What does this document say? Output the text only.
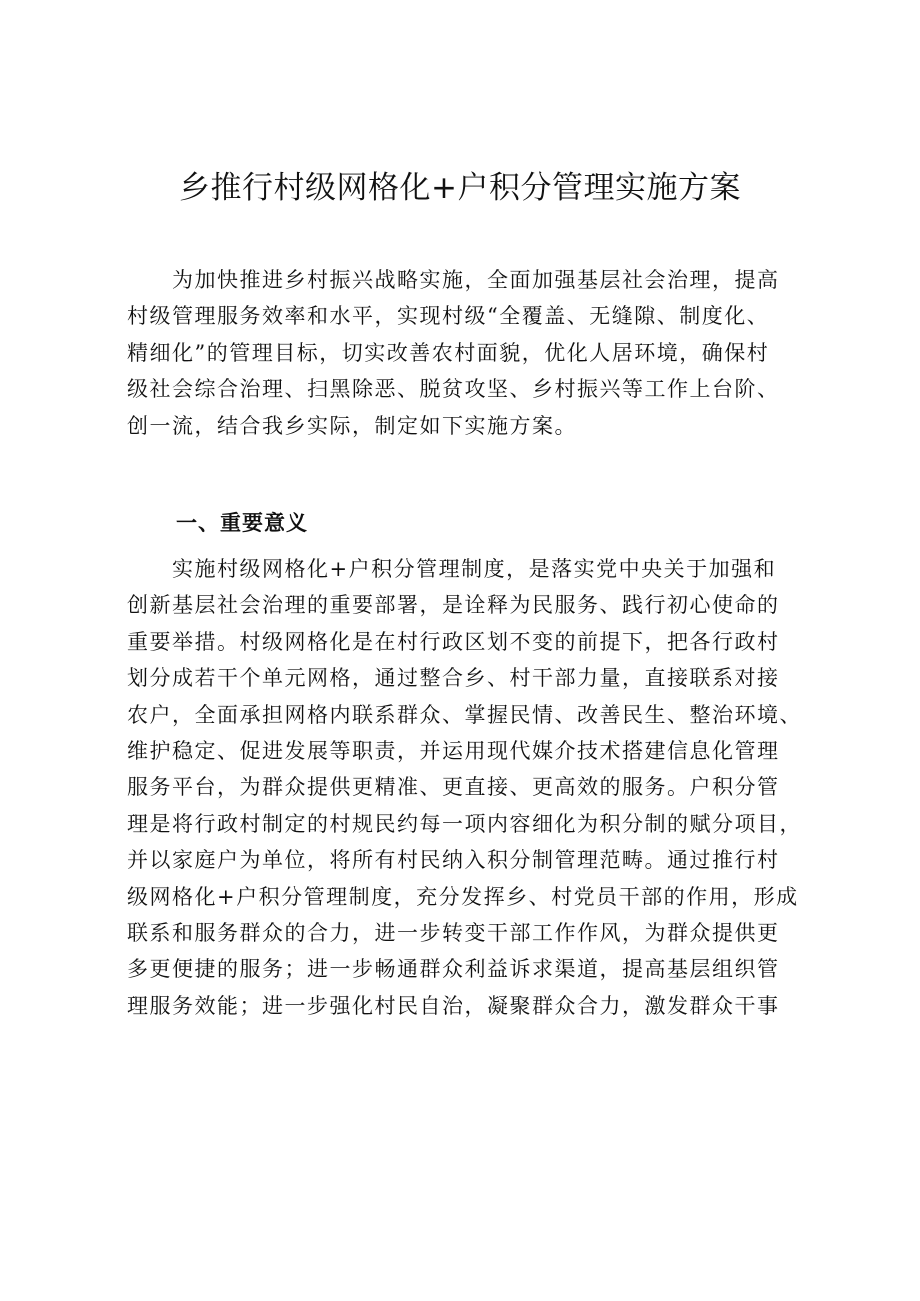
乡推行村级网格化+户积分管理实施方案
　　为加快推进乡村振兴战略实施，全面加强基层社会治理，提高
村级管理服务效率和水平，实现村级“全覆盖、无缝隙、制度化、
精细化”的管理目标，切实改善农村面貌，优化人居环境，确保村
级社会综合治理、扫黑除恶、脱贫攻坚、乡村振兴等工作上台阶、
创一流，结合我乡实际，制定如下实施方案。
一、重要意义
　　实施村级网格化+户积分管理制度，是落实党中央关于加强和
创新基层社会治理的重要部署，是诠释为民服务、践行初心使命的
重要举措。村级网格化是在村行政区划不变的前提下，把各行政村
划分成若干个单元网格，通过整合乡、村干部力量，直接联系对接
农户，全面承担网格内联系群众、掌握民情、改善民生、整治环境、
维护稳定、促进发展等职责，并运用现代媒介技术搭建信息化管理
服务平台，为群众提供更精准、更直接、更高效的服务。户积分管
理是将行政村制定的村规民约每一项内容细化为积分制的赋分项目，
并以家庭户为单位，将所有村民纳入积分制管理范畴。通过推行村
级网格化+户积分管理制度，充分发挥乡、村党员干部的作用，形成
联系和服务群众的合力，进一步转变干部工作作风，为群众提供更
多更便捷的服务；进一步畅通群众利益诉求渠道，提高基层组织管
理服务效能；进一步强化村民自治，凝聚群众合力，激发群众干事
